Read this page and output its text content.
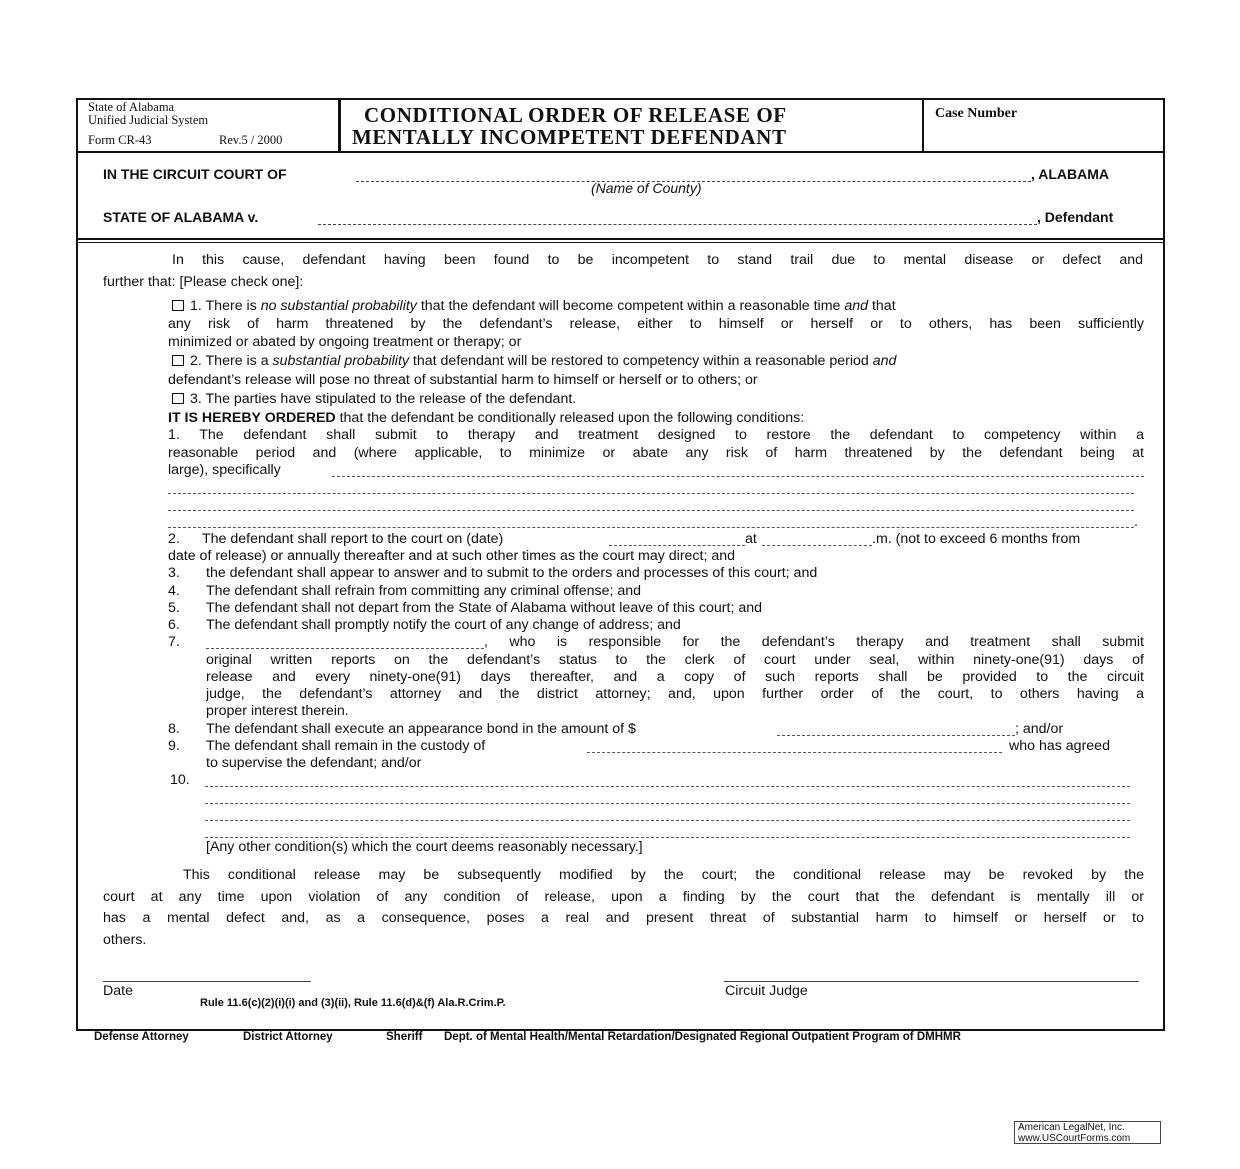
State of Alabama
Unified Judicial System
Form CR-43	Rev.5 / 2000
CONDITIONAL ORDER OF RELEASE OF
MENTALLY INCOMPETENT DEFENDANT
Case Number
IN THE CIRCUIT COURT OF	, ALABAMA
(Name of County)
STATE OF ALABAMA v.	, Defendant
In this cause, defendant having been found to be incompetent to stand trail due to mental disease or defect and
further that: [Please check one]:
1. There is no substantial probability that the defendant will become competent within a reasonable time and that
any risk of harm threatened by the defendant’s release, either to himself or herself or to others, has been sufficiently
minimized or abated by ongoing treatment or therapy; or
2. There is a substantial probability that defendant will be restored to competency within a reasonable period and
defendant’s release will pose no threat of substantial harm to himself or herself or to others; or
3. The parties have stipulated to the release of the defendant.
IT IS HEREBY ORDERED that the defendant be conditionally released upon the following conditions:
1. The defendant shall submit to therapy and treatment designed to restore the defendant to competency within a
reasonable period and (where applicable, to minimize or abate any risk of harm threatened by the defendant being at
large), specifically
.
2. The defendant shall report to the court on (date)	at	.m. (not to exceed 6 months from
date of release) or annually thereafter and at such other times as the court may direct; and
3. the defendant shall appear to answer and to submit to the orders and processes of this court; and
4. The defendant shall refrain from committing any criminal offense; and
5. The defendant shall not depart from the State of Alabama without leave of this court; and
6. The defendant shall promptly notify the court of any change of address; and
7.	, who is responsible for the defendant’s therapy and treatment shall submit
original written reports on the defendant’s status to the clerk of court under seal, within ninety-one(91) days of
release and every ninety-one(91) days thereafter, and a copy of such reports shall be provided to the circuit
judge, the defendant’s attorney and the district attorney; and, upon further order of the court, to others having a
proper interest therein.
8. The defendant shall execute an appearance bond in the amount of $	; and/or
9. The defendant shall remain in the custody of	who has agreed
to supervise the defendant; and/or
10.
[Any other condition(s) which the court deems reasonably necessary.]
This conditional release may be subsequently modified by the court; the conditional release may be revoked by the
court at any time upon violation of any condition of release, upon a finding by the court that the defendant is mentally ill or
has a mental defect and, as a consequence, poses a real and present threat of substantial harm to himself or herself or to
others.
Date	Circuit Judge
Rule 11.6(c)(2)(i)(i) and (3)(ii), Rule 11.6(d)&(f) Ala.R.Crim.P.
Defense Attorney	District Attorney	Sheriff Dept. of Mental Health/Mental Retardation/Designated Regional Outpatient Program of DMHMR
American LegalNet, Inc.
www.USCourtForms.com
